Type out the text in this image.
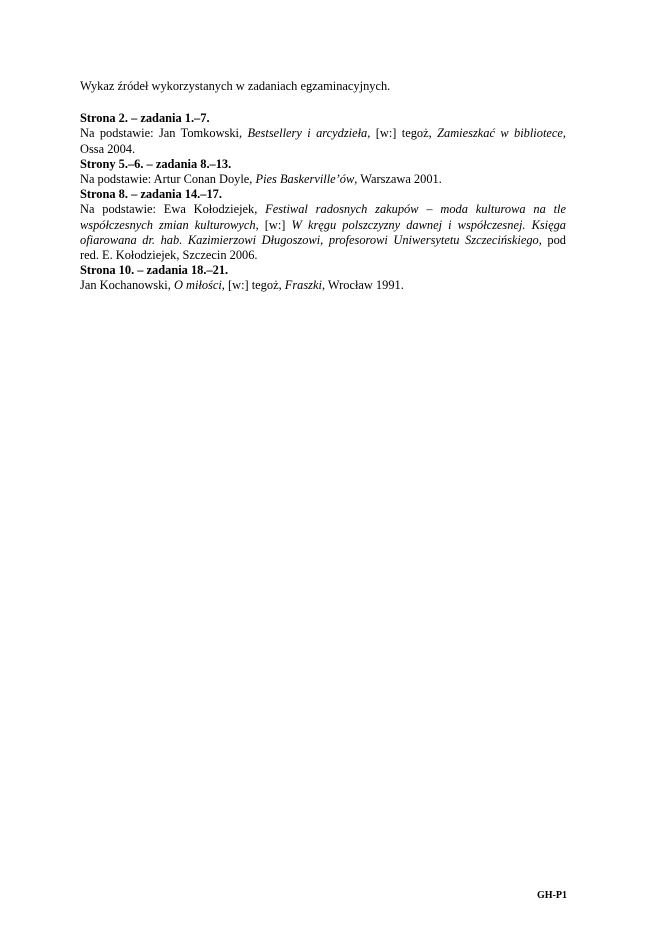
Wykaz źródeł wykorzystanych w zadaniach egzaminacyjnych.

Strona 2. – zadania 1.–7.

Na podstawie: Jan Tomkowski, Bestsellery i arcydzieła, [w:] tegoż, Zamieszkać w bibliotece, Ossa 2004.

Strony 5.–6. – zadania 8.–13.

Na podstawie: Artur Conan Doyle, Pies Baskerville’ów, Warszawa 2001.

Strona 8. – zadania 14.–17.

Na podstawie: Ewa Kołodziejek, Festiwal radosnych zakupów – moda kulturowa na tle współczesnych zmian kulturowych, [w:] W kręgu polszczyzny dawnej i współczesnej. Księga ofiarowana dr. hab. Kazimierzowi Długoszowi, profesorowi Uniwersytetu Szczecińskiego, pod red. E. Kołodziejek, Szczecin 2006.

Strona 10. – zadania 18.–21.

Jan Kochanowski, O miłości, [w:] tegoż, Fraszki, Wrocław 1991.

GH-P1
